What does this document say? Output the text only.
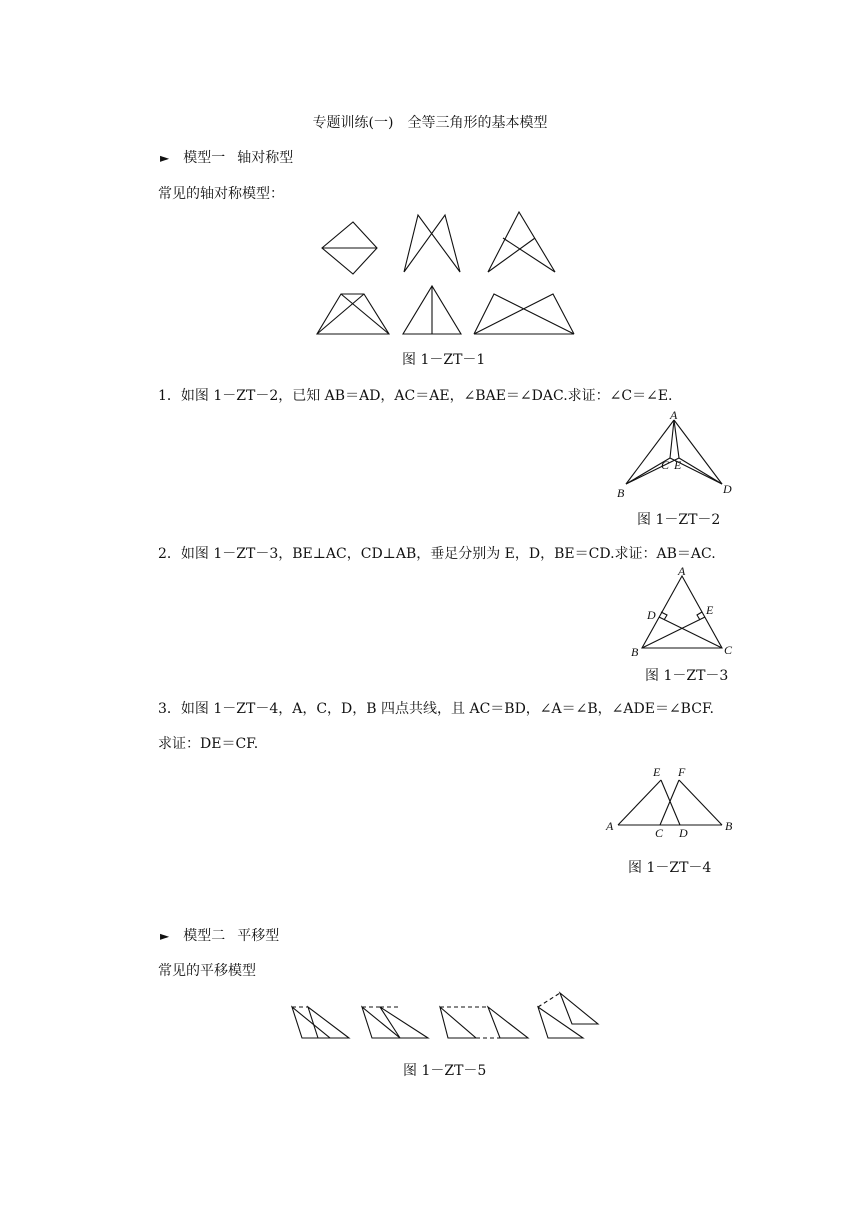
专题训练(一)　全等三角形的基本模型
► 模型一 轴对称型
常见的轴对称模型：
图 1－ZT－1
1．如图 1－ZT－2，已知 AB＝AD，AC＝AE，∠BAE＝∠DAC.求证：∠C＝∠E.
A
B
C E
D
图 1－ZT－2
2．如图 1－ZT－3，BE⊥AC，CD⊥AB，垂足分别为 E，D，BE＝CD.求证：AB＝AC.
A
D	E
B	C
图 1－ZT－3
3．如图 1－ZT－4，A，C，D，B 四点共线，且 AC＝BD，∠A＝∠B，∠ADE＝∠BCF.
求证：DE＝CF.
E F
A	C D	B
图 1－ZT－4
► 模型二 平移型
常见的平移模型
图 1－ZT－5
